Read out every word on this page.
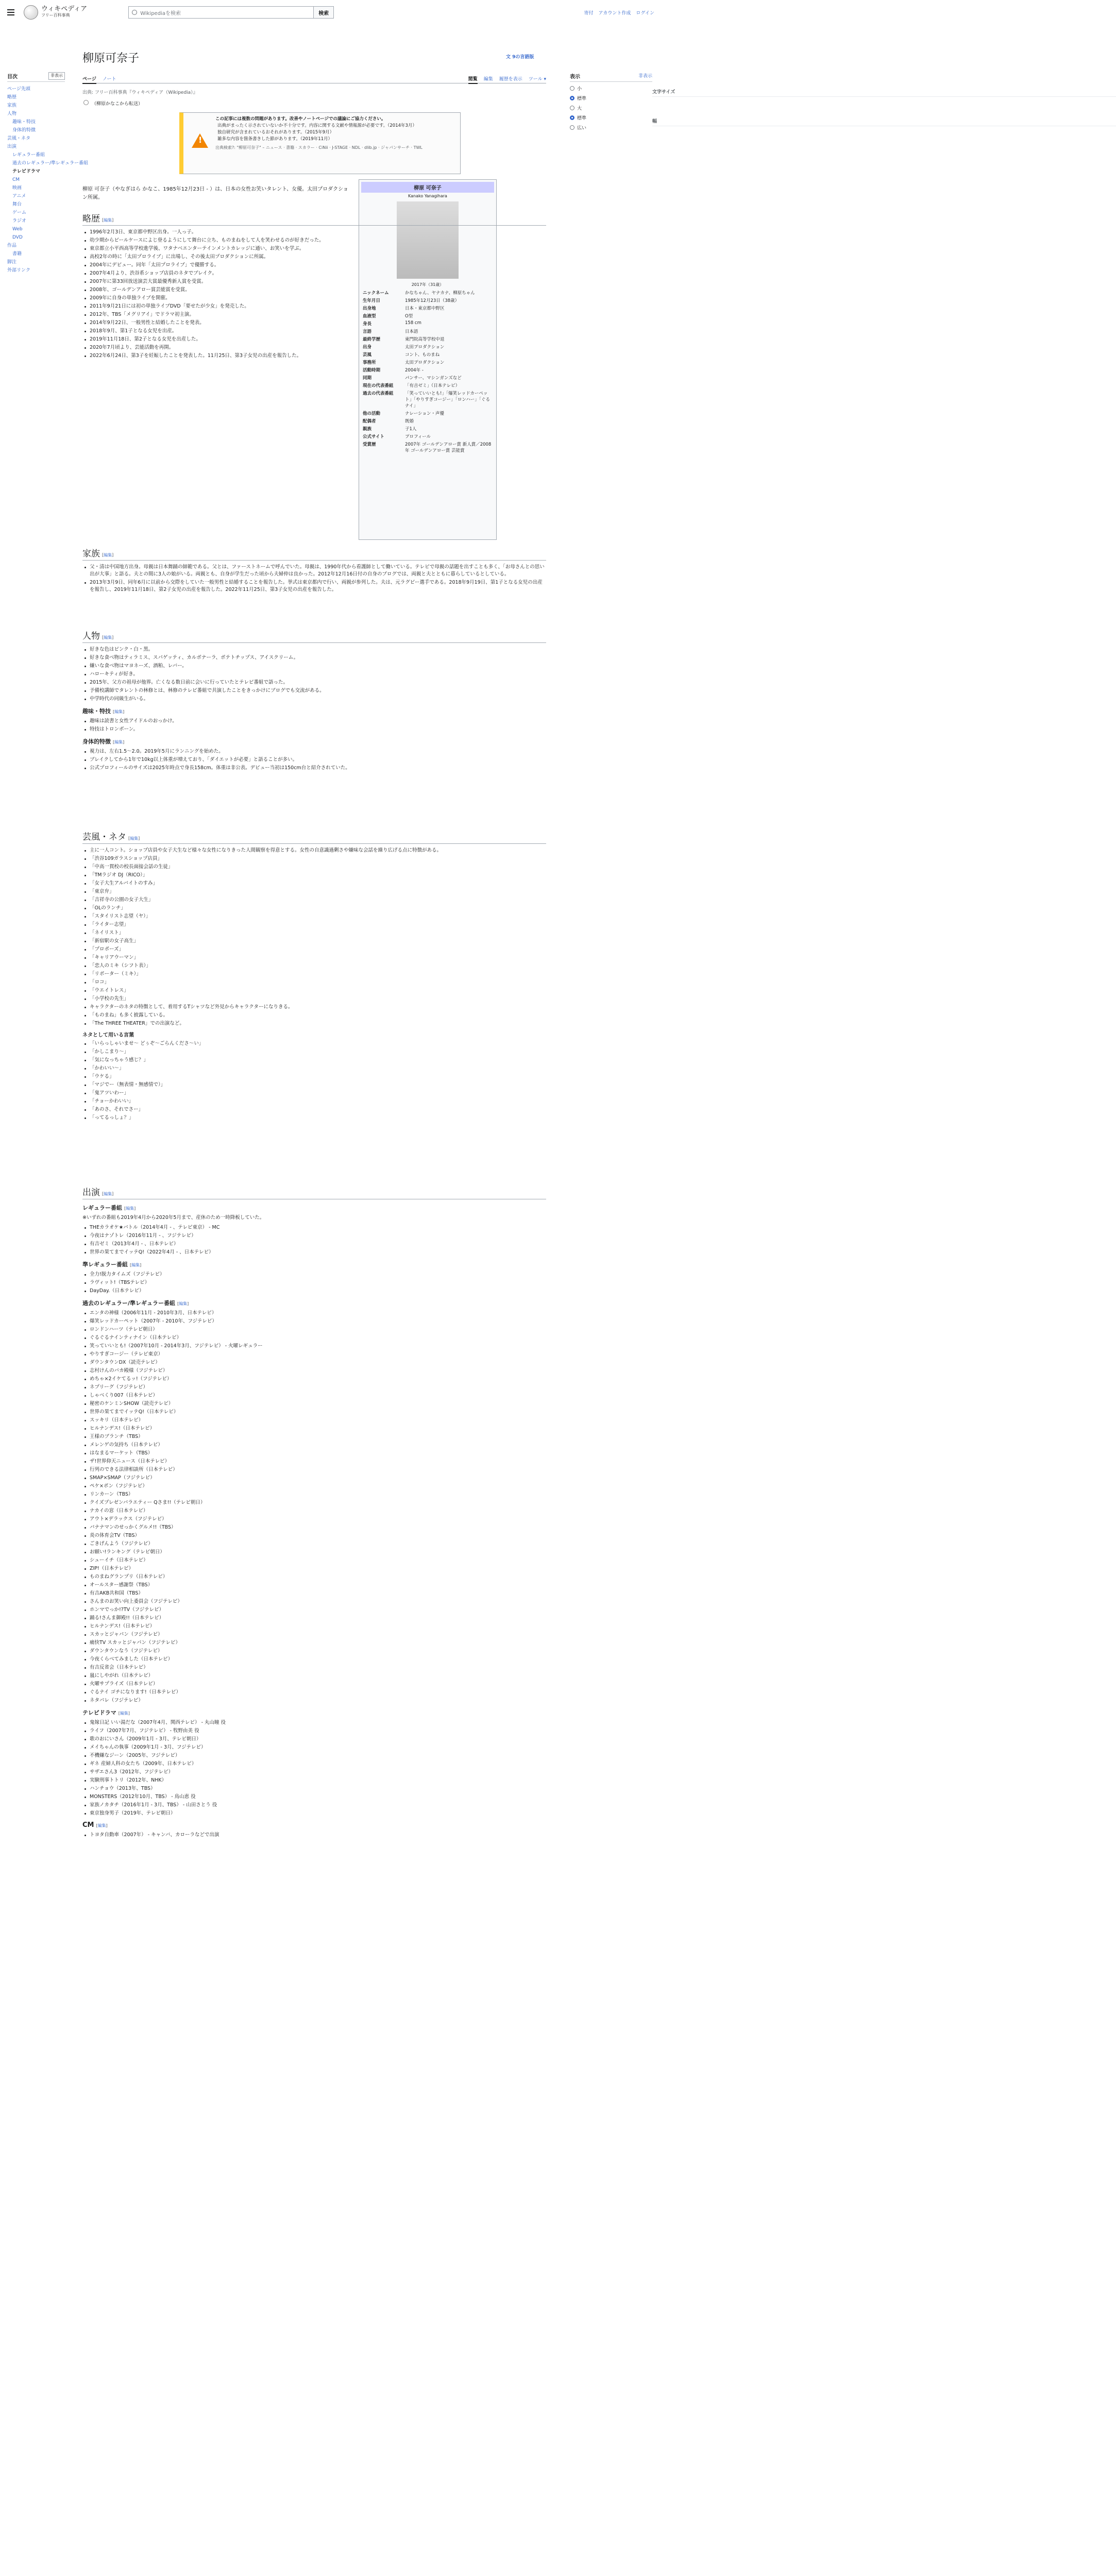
ウィキペディア
フリー百科事典	Wikipediaを検索	検索	寄付 アカウント作成 ログイン
目次	非表示
ページ先頭
略歴
家族
人物
趣味・特技
身体的特徴
芸風・ネタ
出演
レギュラー番組
過去のレギュラー/準レギュラー番組
テレビドラマ
CM
映画
アニメ
舞台
ゲーム
ラジオ
Web
DVD
作品
書籍
脚注
外部リンク
柳原可奈子	文 9の言語版
ページ ノート	閲覧 編集 履歴を表示 ツール ▾	表示	非表示
文字サイズ
小
標準
大
幅
標準
広い
出典: フリー百科事典『ウィキペディア（Wikipedia）』
（柳原かなこから転送）
!
この記事には複数の問題があります。改善やノートページでの議論にご協力ください。
出典がまったく示されていないか不十分です。内容に関する文献や情報源が必要です。（2014年3月）
独自研究が含まれているおそれがあります。（2015年9月）
雑多な内容を箇条書きした節があります。（2019年11月）
出典検索?: "柳原可奈子" – ニュース · 書籍 · スカラー · CiNii · J-STAGE · NDL · dlib.jp · ジャパンサーチ · TWL
柳原 可奈子
Kanako Yanagihara
2017年（31歳）
ニックネーム	かなちゃん、ヤナカナ、柳原ちゃん
生年月日	1985年12月23日（38歳）
出身地	日本・東京都中野区
血液型	O型
身長	158 cm
言語	日本語
最終学歴	東門院高等学校中退
出身	太田プロダクション
芸風	コント、ものまね
事務所	太田プロダクション
活動時期	2004年 -
同期	パンサー、マシンガンズなど
現在の代表番組	「有吉ゼミ」（日本テレビ）
過去の代表番組	「笑っていいとも!」「爆笑レッドカーペット」「やりすぎコージー」「ロンハー」「ぐるナイ」
他の活動	ナレーション・声優
配偶者	既婚
親族	子1人
公式サイト	プロフィール
受賞歴	2007年 ゴールデンアロー賞 新人賞／2008年 ゴールデンアロー賞 芸能賞
柳原 可奈子（やなぎはら かなこ、1985年12月23日 - ）は、日本の女性お笑いタレント、女優。太田プロダクション所属。
略歴 [編集]
1996年2月3日、東京都中野区出身。一人っ子。
幼少期からビールケースによじ登るようにして舞台に立ち、ものまねをして人を笑わせるのが好きだった。
東京都立小平西高等学校進学後、ワタナベエンターテインメントカレッジに通い、お笑いを学ぶ。
高校2年の時に「太田プロライブ」に出場し、その後太田プロダクションに所属。
2004年にデビュー。同年「太田プロライブ」で優勝する。
2007年4月より、渋谷系ショップ店員のネタでブレイク。
2007年に第33回放送演芸大賞最優秀新人賞を受賞。
2008年、ゴールデンアロー賞芸能賞を受賞。
2009年に自身の単独ライブを開催。
2011年9月21日には初の単独ライブDVD「要せたが少女」を発売した。
2012年、TBS「メグリアイ」でドラマ初主演。
2014年9月22日、一般男性と結婚したことを発表。
2018年9月、第1子となる女児を出産。
2019年11月18日、第2子となる女児を出産した。
2020年7月頃より、芸能活動を再開。
2022年6月24日、第3子を妊娠したことを発表した。11月25日、第3子女児の出産を報告した。
家族 [編集]
父・清は中国地方出身。母親は日本舞踊の師範である。父とは、ファーストネームで呼んでいた。母親は、1990年代から看護師として働いている。テレビで母親の話題を出すことも多く、「お母さんとの思い出が大事」と語る。夫との間に3人の娘がいる。両親とも、自身が学生だった頃から夫婦仲は良かった。2012年12月16日付の自身のブログでは、両親と夫とともに暮らしているとしている。
2013年3月9日、同年6月に以前から交際をしていた一般男性と結婚することを報告した。挙式は東京都内で行い、両親が参列した。夫は、元ラグビー選手である。2018年9月19日、第1子となる女児の出産を報告し、2019年11月18日、第2子女児の出産を報告した。2022年11月25日、第3子女児の出産を報告した。
人物 [編集]
好きな色はピンク・白・黒。
好きな食べ物はティラミス、スパゲッティ、カルボナーラ、ポテトチップス、アイスクリーム。
嫌いな食べ物はマヨネーズ、酒粕、レバー。
ハローキティが好き。
2015年、父方の祖母が他界。亡くなる数日前に会いに行っていたとテレビ番組で語った。
予備校講師でタレントの林修とは、林修のテレビ番組で共演したことをきっかけにブログでも交流がある。
中学時代の同級生がいる。
趣味・特技 [編集]
趣味は読書と女性アイドルのおっかけ。
特技はトロンボーン。
身体的特徴 [編集]
視力は、左右1.5〜2.0。2019年5月にランニングを始めた。
ブレイクしてから1年で10kg以上体重が増えており、「ダイエットが必要」と語ることが多い。
公式プロフィールのサイズは2025年時点で身長158cm。体重は非公表。デビュー当初は150cm台と紹介されていた。
芸風・ネタ [編集]
主に一人コント。ショップ店員や女子大生など様々な女性になりきった人間観察を得意とする。女性の自意識過剰さや嫌味な会話を繰り広げる点に特徴がある。
「渋谷109ガラスショップ店員」
「中高一貫校の校長面接会話の生徒」
「TMラジオ DJ（RICO）」
「女子大生アルバイトのすみ」
「東京弁」
「吉祥寺の公園の女子大生」
「OLのランチ」
「スタイリスト志望（ヤ）」
「ライター志望」
「ネイリスト」
「新宿駅の女子高生」
「プロポーズ」
「キャリアウーマン」
「恋人のミキ（シフト表）」
「リポーター（ミキ）」
「ロコ」
「ウエイトレス」
「小学校の先生」
キャラクターのネタの特徴として、着用するTシャツなど外見からキャラクターになりきる。
「ものまね」も多く披露している。
「The THREE THEATER」での出演など。
ネタとして用いる言葉
「いらっしゃいませ〜 どぅぞ〜ごらんくださ〜い」
「かしこまり〜」
「気になっちゃう感じ？」
「かわいい〜」
「ウケる」
「マジでー（無表情・無感情で）」
「鬼アツいわー」
「チョーかわいい」
「あのさ、それでさー」
「ってるっしょ？」
出演 [編集]
レギュラー番組 [編集]
※いずれの番組も2019年4月から2020年5月まで、産休のため一時降板していた。
THEカラオケ★バトル（2014年4月 - 、テレビ東京） - MC
今夜はナゾトレ（2016年11月 - 、フジテレビ）
有吉ゼミ（2013年4月 - 、日本テレビ）
世界の果てまでイッテQ!（2022年4月 - 、日本テレビ）
準レギュラー番組 [編集]
全力!脱力タイムズ（フジテレビ）
ラヴィット!（TBSテレビ）
DayDay.（日本テレビ）
過去のレギュラー/準レギュラー番組 [編集]
エンタの神様（2006年11月 - 2010年3月、日本テレビ）
爆笑レッドカーペット（2007年 - 2010年、フジテレビ）
ロンドンハーツ（テレビ朝日）
ぐるぐるナインティナイン（日本テレビ）
笑っていいとも!（2007年10月 - 2014年3月、フジテレビ） - 火曜レギュラー
やりすぎコージー（テレビ東京）
ダウンタウンDX（読売テレビ）
志村けんのバカ殿様（フジテレビ）
めちゃ×2イケてるッ!（フジテレビ）
ネプリーグ（フジテレビ）
しゃべくり007（日本テレビ）
秘密のケンミンSHOW（読売テレビ）
世界の果てまでイッテQ!（日本テレビ）
スッキリ（日本テレビ）
ヒルナンデス!（日本テレビ）
王様のブランチ（TBS）
メレンゲの気持ち（日本テレビ）
はなまるマーケット（TBS）
ザ!世界仰天ニュース（日本テレビ）
行列のできる法律相談所（日本テレビ）
SMAP×SMAP（フジテレビ）
ペケ×ポン（フジテレビ）
リンカーン（TBS）
クイズプレゼンバラエティー Qさま!!（テレビ朝日）
ナカイの窓（日本テレビ）
アウト×デラックス（フジテレビ）
バナナマンのせっかくグルメ!!（TBS）
炎の体育会TV（TBS）
ごきげんよう（フジテレビ）
お願い!ランキング（テレビ朝日）
シューイチ（日本テレビ）
ZIP!（日本テレビ）
ものまねグランプリ（日本テレビ）
オールスター感謝祭（TBS）
有吉AKB共和国（TBS）
さんまのお笑い向上委員会（フジテレビ）
ホンマでっか!?TV（フジテレビ）
踊る!さんま御殿!!（日本テレビ）
ヒルナンデス!（日本テレビ）
スカッとジャパン（フジテレビ）
痛快TV スカッとジャパン（フジテレビ）
ダウンタウンなう（フジテレビ）
今夜くらべてみました（日本テレビ）
有吉反省会（日本テレビ）
嵐にしやがれ（日本テレビ）
火曜サプライズ（日本テレビ）
ぐるナイ ゴチになります!（日本テレビ）
ネタパレ（フジテレビ）
テレビドラマ [編集]
鬼嫁日記 いい湯だな（2007年4月、関西テレビ） - 丸山瞳 役
ライフ（2007年7月、フジテレビ） - 牧野由美 役
歌のおにいさん（2009年1月 - 3月、テレビ朝日）
メイちゃんの執事（2009年1月 - 3月、フジテレビ）
不機嫌なジーン（2005年、フジテレビ）
ギネ 産婦人科の女たち（2009年、日本テレビ）
サザエさん3（2012年、フジテレビ）
実験刑事トトリ（2012年、NHK）
ハンチョウ（2013年、TBS）
MONSTERS（2012年10月、TBS） - 鳥山恵 役
家族ノカタチ（2016年1月 - 3月、TBS） - 山田さとう 役
東京独身男子（2019年、テレビ朝日）
CM [編集]
トヨタ自動車（2007年） - キャンバ、カローラなどで出演
